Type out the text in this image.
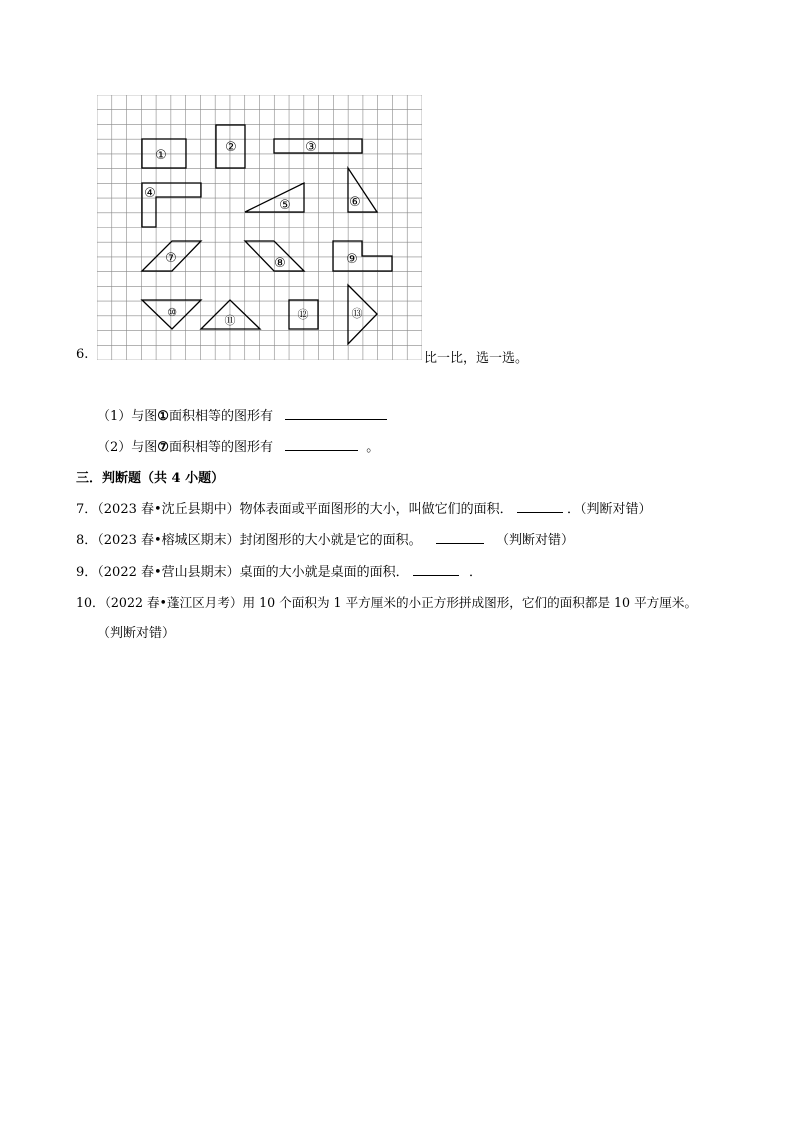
6.
①
②	③
④
⑤	⑥
⑦	⑧	⑨
⑩
⑪	⑫	⑬
比一比，选一选。
（1）与图①面积相等的图形有
（2）与图⑦面积相等的图形有	。
三．判断题（共 4 小题）
7．（2023 春•沈丘县期中）物体表面或平面图形的大小，叫做它们的面积．	．（判断对错）
8．（2023 春•榕城区期末）封闭图形的大小就是它的面积。	（判断对错）
9．（2022 春•营山县期末）桌面的大小就是桌面的面积．	．
10．（2022 春•蓬江区月考）用 10 个面积为 1 平方厘米的小正方形拼成图形，它们的面积都是 10 平方厘米。
（判断对错）
